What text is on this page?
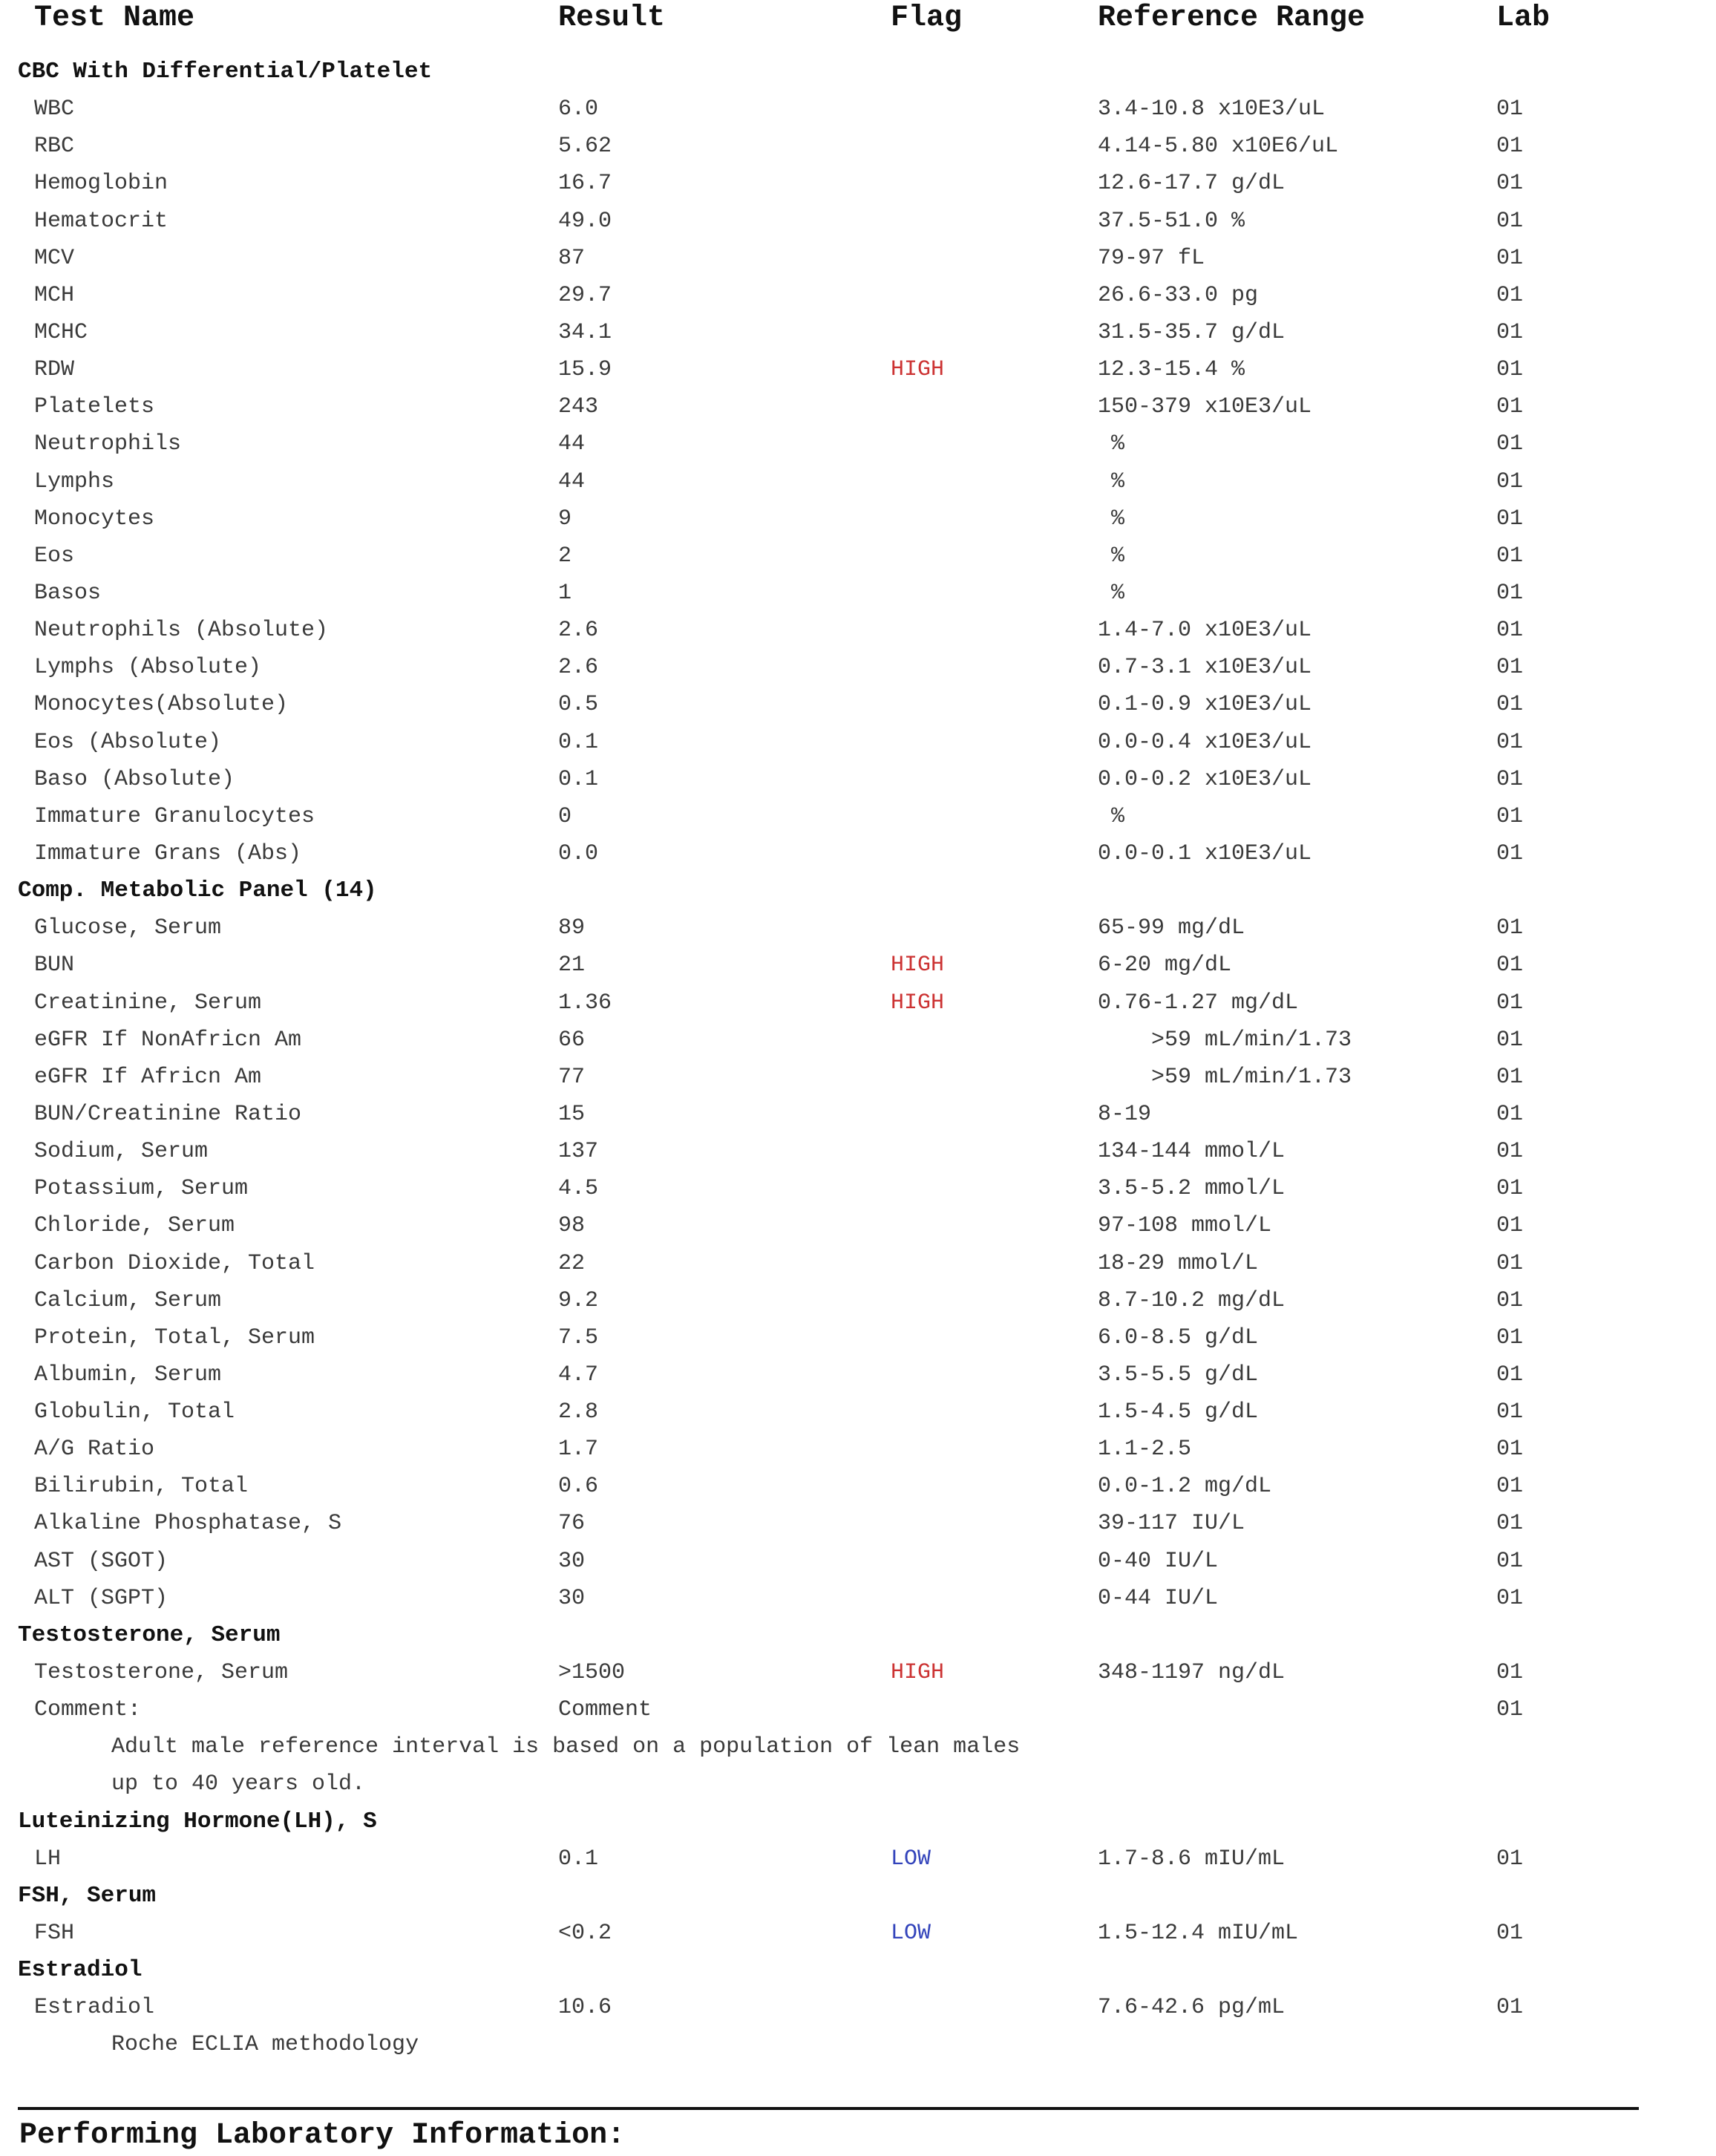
Test Name	Result	Flag	Reference Range	Lab
CBC With Differential/Platelet
WBC	6.0	3.4-10.8 x10E3/uL	01
RBC	5.62	4.14-5.80 x10E6/uL	01
Hemoglobin	16.7	12.6-17.7 g/dL	01
Hematocrit	49.0	37.5-51.0 %	01
MCV	87	79-97 fL	01
MCH	29.7	26.6-33.0 pg	01
MCHC	34.1	31.5-35.7 g/dL	01
RDW	15.9	HIGH	12.3-15.4 %	01
Platelets	243	150-379 x10E3/uL	01
Neutrophils	44	%	01
Lymphs	44	%	01
Monocytes	9	%	01
Eos	2	%	01
Basos	1	%	01
Neutrophils (Absolute)	2.6	1.4-7.0 x10E3/uL	01
Lymphs (Absolute)	2.6	0.7-3.1 x10E3/uL	01
Monocytes(Absolute)	0.5	0.1-0.9 x10E3/uL	01
Eos (Absolute)	0.1	0.0-0.4 x10E3/uL	01
Baso (Absolute)	0.1	0.0-0.2 x10E3/uL	01
Immature Granulocytes	0	%	01
Immature Grans (Abs)	0.0	0.0-0.1 x10E3/uL	01
Comp. Metabolic Panel (14)
Glucose, Serum	89	65-99 mg/dL	01
BUN	21	HIGH	6-20 mg/dL	01
Creatinine, Serum	1.36	HIGH	0.76-1.27 mg/dL	01
eGFR If NonAfricn Am	66	>59 mL/min/1.73	01
eGFR If Africn Am	77	>59 mL/min/1.73	01
BUN/Creatinine Ratio	15	8-19	01
Sodium, Serum	137	134-144 mmol/L	01
Potassium, Serum	4.5	3.5-5.2 mmol/L	01
Chloride, Serum	98	97-108 mmol/L	01
Carbon Dioxide, Total	22	18-29 mmol/L	01
Calcium, Serum	9.2	8.7-10.2 mg/dL	01
Protein, Total, Serum	7.5	6.0-8.5 g/dL	01
Albumin, Serum	4.7	3.5-5.5 g/dL	01
Globulin, Total	2.8	1.5-4.5 g/dL	01
A/G Ratio	1.7	1.1-2.5	01
Bilirubin, Total	0.6	0.0-1.2 mg/dL	01
Alkaline Phosphatase, S	76	39-117 IU/L	01
AST (SGOT)	30	0-40 IU/L	01
ALT (SGPT)	30	0-44 IU/L	01
Testosterone, Serum
Testosterone, Serum	>1500	HIGH	348-1197 ng/dL	01
Comment:	Comment	01
Adult male reference interval is based on a population of lean males
up to 40 years old.
Luteinizing Hormone(LH), S
LH	0.1	LOW	1.7-8.6 mIU/mL	01
FSH, Serum
FSH	<0.2	LOW	1.5-12.4 mIU/mL	01
Estradiol
Estradiol	10.6	7.6-42.6 pg/mL	01
Roche ECLIA methodology
Performing Laboratory Information:
